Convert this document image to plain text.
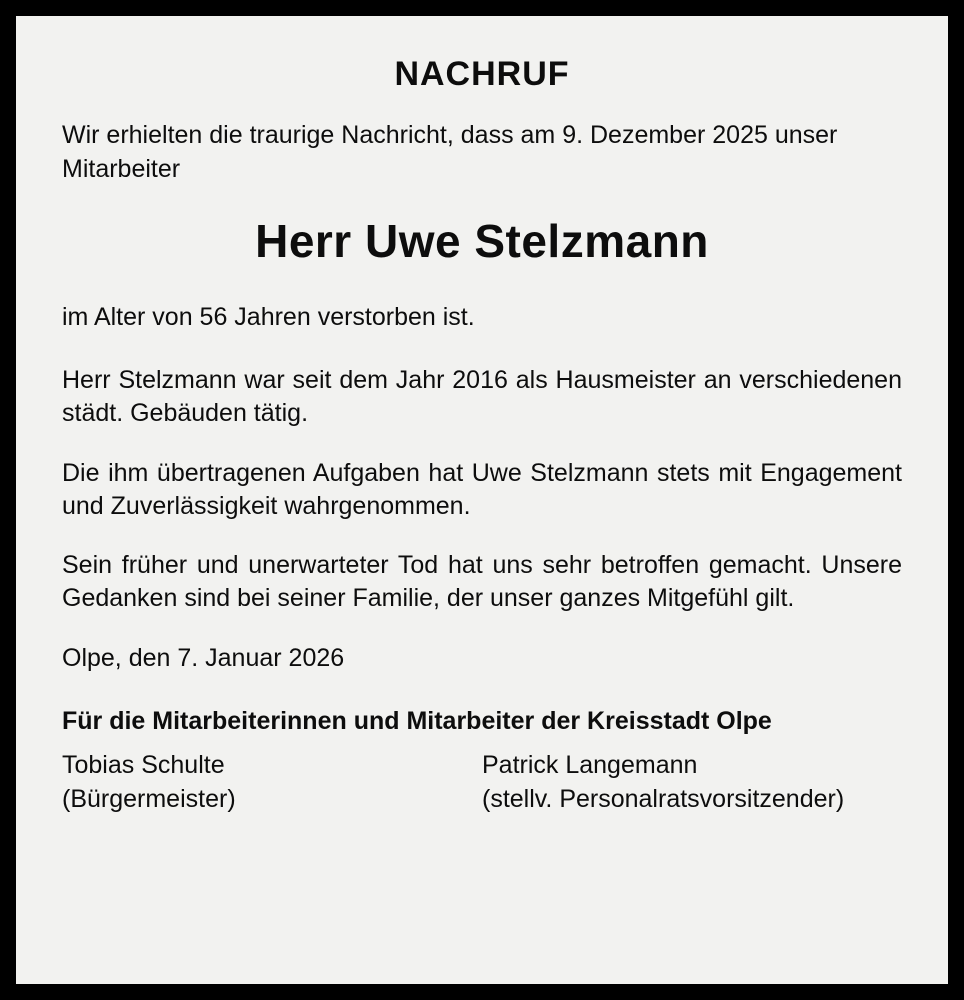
NACHRUF

Wir erhielten die traurige Nachricht, dass am 9. Dezember 2025 unser Mitarbeiter

Herr Uwe Stelzmann

im Alter von 56 Jahren verstorben ist.

Herr Stelzmann war seit dem Jahr 2016 als Hausmeister an verschiedenen städt. Gebäuden tätig.

Die ihm übertragenen Aufgaben hat Uwe Stelzmann stets mit Engagement und Zuverlässigkeit wahrgenommen.

Sein früher und unerwarteter Tod hat uns sehr betroffen gemacht. Unsere Gedanken sind bei seiner Familie, der unser ganzes Mitgefühl gilt.

Olpe, den 7. Januar 2026

Für die Mitarbeiterinnen und Mitarbeiter der Kreisstadt Olpe
Tobias Schulte
(Bürgermeister)
Patrick Langemann
(stellv. Personalratsvorsitzender)
